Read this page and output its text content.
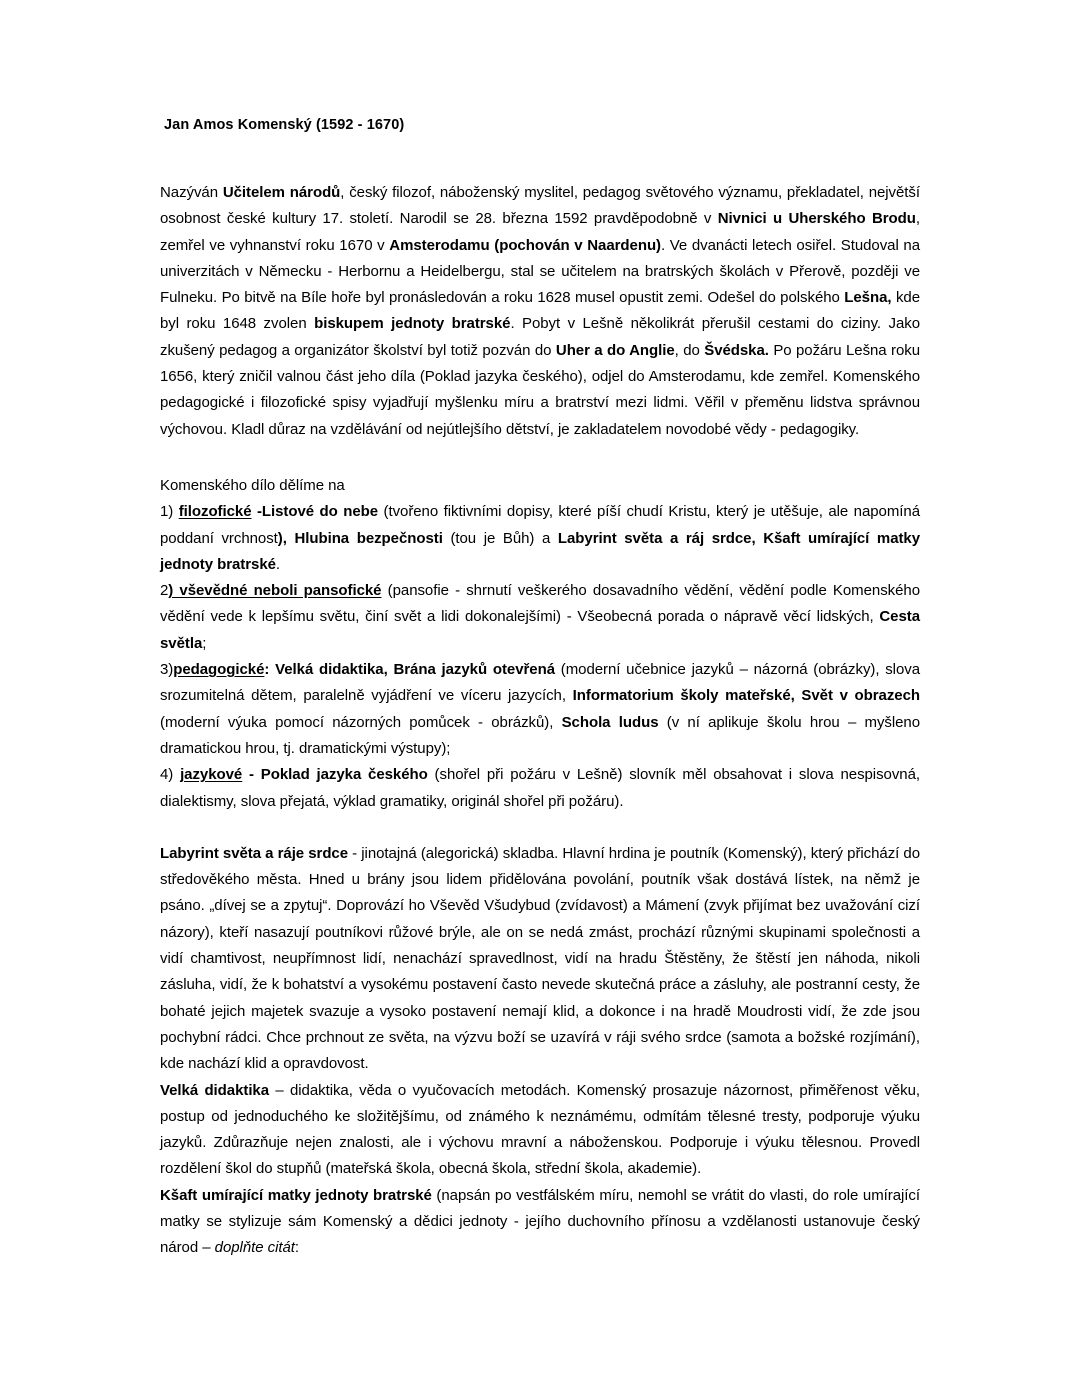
Jan Amos Komenský (1592 - 1670)

Nazýván Učitelem národů, český filozof, náboženský myslitel, pedagog světového významu, překladatel, největší osobnost české kultury 17. století. Narodil se 28. března 1592 pravděpodobně v Nivnici u Uherského Brodu, zemřel ve vyhnanství roku 1670 v Amsterodamu (pochován v Naardenu). Ve dvanácti letech osiřel. Studoval na univerzitách v Německu - Herbornu a Heidelbergu, stal se učitelem na bratrských školách v Přerově, později ve Fulneku. Po bitvě na Bíle hoře byl pronásledován a roku 1628 musel opustit zemi. Odešel do polského Lešna, kde byl roku 1648 zvolen biskupem jednoty bratrské. Pobyt v Lešně několikrát přerušil cestami do ciziny. Jako zkušený pedagog a organizátor školství byl totiž pozván do Uher a do Anglie, do Švédska. Po požáru Lešna roku 1656, který zničil valnou část jeho díla (Poklad jazyka českého), odjel do Amsterodamu, kde zemřel. Komenského pedagogické i filozofické spisy vyjadřují myšlenku míru a bratrství mezi lidmi. Věřil v přeměnu lidstva správnou výchovou. Kladl důraz na vzdělávání od nejútlejšího dětství, je zakladatelem novodobé vědy - pedagogiky.

Komenského dílo dělíme na

1) filozofické -Listové do nebe (tvořeno fiktivními dopisy, které píší chudí Kristu, který je utěšuje, ale napomíná poddaní vrchnost), Hlubina bezpečnosti (tou je Bůh) a Labyrint světa a ráj srdce, Kšaft umírající matky jednoty bratrské.

2) vševědné neboli pansofické (pansofie - shrnutí veškerého dosavadního vědění, vědění podle Komenského vědění vede k lepšímu světu, činí svět a lidi dokonalejšími) - Všeobecná porada o nápravě věcí lidských, Cesta světla;

3)pedagogické: Velká didaktika, Brána jazyků otevřená (moderní učebnice jazyků – názorná (obrázky), slova srozumitelná dětem, paralelně vyjádření ve víceru jazycích, Informatorium školy mateřské, Svět v obrazech (moderní výuka pomocí názorných pomůcek - obrázků), Schola ludus (v ní aplikuje školu hrou – myšleno dramatickou hrou, tj. dramatickými výstupy);

4) jazykové - Poklad jazyka českého (shořel při požáru v Lešně) slovník měl obsahovat i slova nespisovná, dialektismy, slova přejatá, výklad gramatiky, originál shořel při požáru).

Labyrint světa a ráje srdce - jinotajná (alegorická) skladba. Hlavní hrdina je poutník (Komenský), který přichází do středověkého města. Hned u brány jsou lidem přidělována povolání, poutník však dostává lístek, na němž je psáno. „dívej se a zpytuj“. Doprovází ho Vševěd Všudybud (zvídavost) a Mámení (zvyk přijímat bez uvažování cizí názory), kteří nasazují poutníkovi růžové brýle, ale on se nedá zmást, prochází různými skupinami společnosti a vidí chamtivost, neupřímnost lidí, nenachází spravedlnost, vidí na hradu Štěstěny, že štěstí jen náhoda, nikoli zásluha, vidí, že k bohatství a vysokému postavení často nevede skutečná práce a zásluhy, ale postranní cesty, že bohaté jejich majetek svazuje a vysoko postavení nemají klid, a dokonce i na hradě Moudrosti vidí, že zde jsou pochybní rádci. Chce prchnout ze světa, na výzvu boží se uzavírá v ráji svého srdce (samota a božské rozjímání), kde nachází klid a opravdovost.

Velká didaktika – didaktika, věda o vyučovacích metodách. Komenský prosazuje názornost, přiměřenost věku, postup od jednoduchého ke složitějšímu, od známého k neznámému, odmítám tělesné tresty, podporuje výuku jazyků. Zdůrazňuje nejen znalosti, ale i výchovu mravní a náboženskou. Podporuje i výuku tělesnou. Provedl rozdělení škol do stupňů (mateřská škola, obecná škola, střední škola, akademie).

Kšaft umírající matky jednoty bratrské (napsán po vestfálském míru, nemohl se vrátit do vlasti, do role umírající matky se stylizuje sám Komenský a dědici jednoty - jejího duchovního přínosu a vzdělanosti ustanovuje český národ – doplňte citát:
